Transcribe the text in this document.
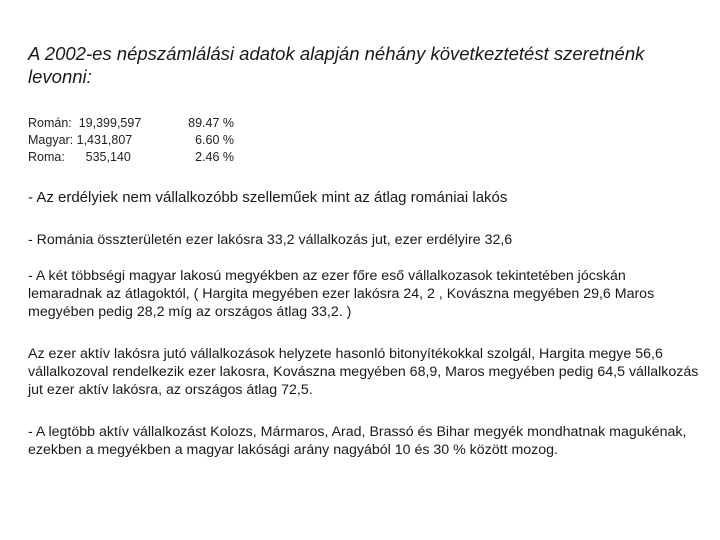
A 2002-es népszámlálási adatok alapján néhány következtetést szeretnénk levonni:
Román:  19,399,597	89.47 %
Magyar: 1,431,807	6.60 %
Roma:      535,140	2.46 %
- Az erdélyiek nem vállalkozóbb szelleműek mint az átlag romániai lakós
- Románia összterületén ezer lakósra 33,2 vállalkozás jut, ezer erdélyire 32,6
- A két többségi magyar lakosú megyékben az ezer főre eső vállalkozasok tekintetében jócskán lemaradnak az átlagoktól, ( Hargita megyében ezer lakósra 24, 2 , Kovászna megyében 29,6 Maros megyében pedig 28,2 míg az országos átlag 33,2. )
Az ezer aktív lakósra jutó vállalkozások helyzete hasonló bitonyítékokkal szolgál, Hargita megye 56,6 vállalkozoval rendelkezik ezer lakosra, Kovászna megyében 68,9, Maros megyében pedig 64,5 vállalkozás jut ezer aktív lakósra, az országos átlag 72,5.
- A legtöbb aktív vállalkozást Kolozs, Mármaros, Arad, Brassó és Bihar megyék mondhatnak magukénak, ezekben a megyékben a magyar lakósági arány nagyából 10 és 30 % között mozog.
